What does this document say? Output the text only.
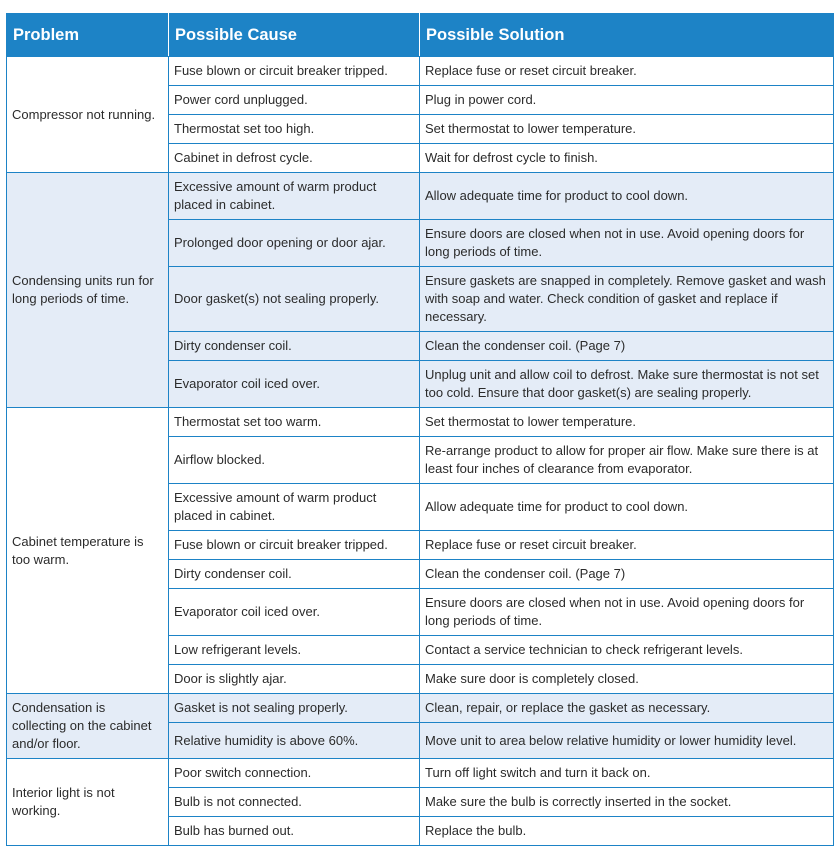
Problem	Possible Cause	Possible Solution
Compressor not running.	Fuse blown or circuit breaker tripped.	Replace fuse or reset circuit breaker.
	Power cord unplugged.	Plug in power cord.
	Thermostat set too high.	Set thermostat to lower temperature.
	Cabinet in defrost cycle.	Wait for defrost cycle to finish.
Condensing units run for long periods of time.	Excessive amount of warm product placed in cabinet.	Allow adequate time for product to cool down.
	Prolonged door opening or door ajar.	Ensure doors are closed when not in use. Avoid opening doors for long periods of time.
	Door gasket(s) not sealing properly.	Ensure gaskets are snapped in completely. Remove gasket and wash with soap and water. Check condition of gasket and replace if necessary.
	Dirty condenser coil.	Clean the condenser coil. (Page 7)
	Evaporator coil iced over.	Unplug unit and allow coil to defrost. Make sure thermostat is not set too cold. Ensure that door gasket(s) are sealing properly.
Cabinet temperature is too warm.	Thermostat set too warm.	Set thermostat to lower temperature.
	Airflow blocked.	Re-arrange product to allow for proper air flow. Make sure there is at least four inches of clearance from evaporator.
	Excessive amount of warm product placed in cabinet.	Allow adequate time for product to cool down.
	Fuse blown or circuit breaker tripped.	Replace fuse or reset circuit breaker.
	Dirty condenser coil.	Clean the condenser coil. (Page 7)
	Evaporator coil iced over.	Ensure doors are closed when not in use. Avoid opening doors for long periods of time.
	Low refrigerant levels.	Contact a service technician to check refrigerant levels.
	Door is slightly ajar.	Make sure door is completely closed.
Condensation is collecting on the cabinet and/or floor.	Gasket is not sealing properly.	Clean, repair, or replace the gasket as necessary.
	Relative humidity is above 60%.	Move unit to area below relative humidity or lower humidity level.
Interior light is not working.	Poor switch connection.	Turn off light switch and turn it back on.
	Bulb is not connected.	Make sure the bulb is correctly inserted in the socket.
	Bulb has burned out.	Replace the bulb.
